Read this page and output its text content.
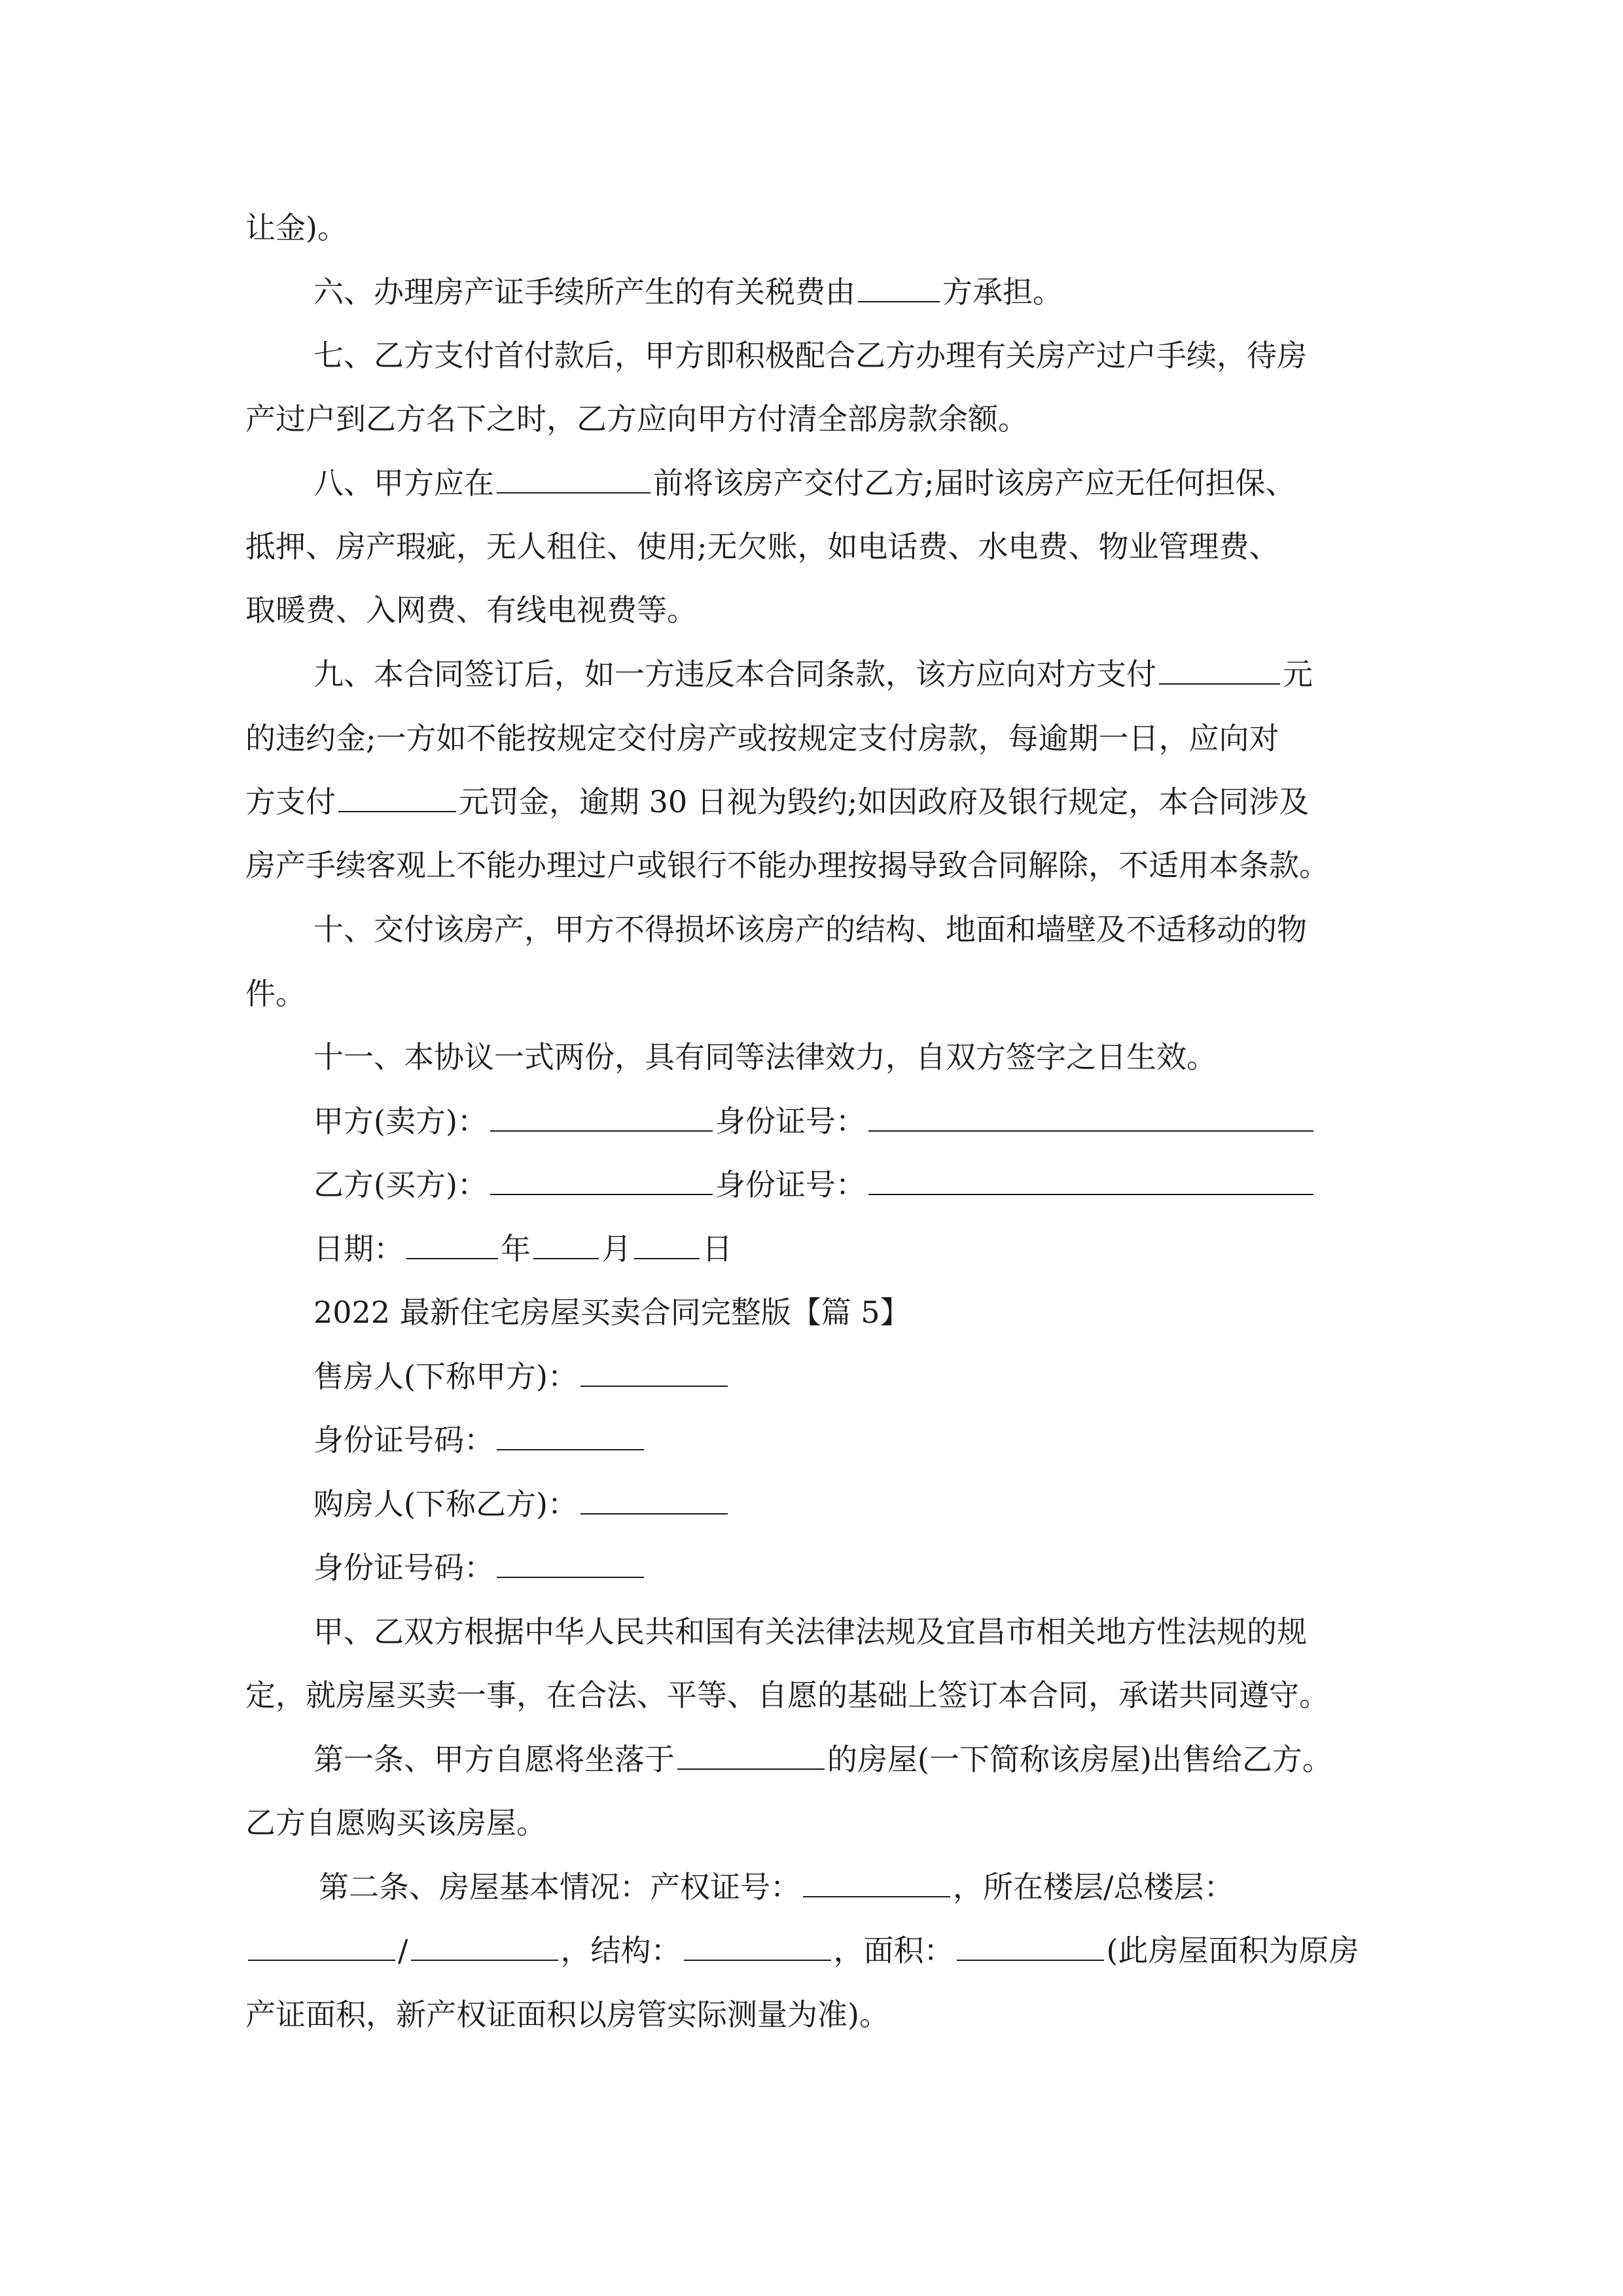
让金)。
六、办理房产证手续所产生的有关税费由	方承担。
七、乙方支付首付款后，甲方即积极配合乙方办理有关房产过户手续，待房
产过户到乙方名下之时，乙方应向甲方付清全部房款余额。
八、甲方应在	前将该房产交付乙方;届时该房产应无任何担保、
抵押、房产瑕疵，无人租住、使用;无欠账，如电话费、水电费、物业管理费、
取暖费、入网费、有线电视费等。
九、本合同签订后，如一方违反本合同条款，该方应向对方支付	元
的违约金;一方如不能按规定交付房产或按规定支付房款，每逾期一日，应向对
方支付	元罚金，逾期 30 日视为毁约;如因政府及银行规定，本合同涉及
房产手续客观上不能办理过户或银行不能办理按揭导致合同解除，不适用本条款。
十、交付该房产，甲方不得损坏该房产的结构、地面和墙壁及不适移动的物
件。
十一、本协议一式两份，具有同等法律效力，自双方签字之日生效。
甲方(卖方)：	身份证号：
乙方(买方)：	身份证号：
日期：	年 月 日
2022 最新住宅房屋买卖合同完整版【篇 5】
售房人(下称甲方)：
身份证号码：
购房人(下称乙方)：
身份证号码：
甲、乙双方根据中华人民共和国有关法律法规及宜昌市相关地方性法规的规
定，就房屋买卖一事，在合法、平等、自愿的基础上签订本合同，承诺共同遵守。
第一条、甲方自愿将坐落于	的房屋(一下简称该房屋)出售给乙方。
乙方自愿购买该房屋。
第二条、房屋基本情况：产权证号：	，所在楼层/总楼层：
/	，结构：	，面积：	(此房屋面积为原房
产证面积，新产权证面积以房管实际测量为准)。
